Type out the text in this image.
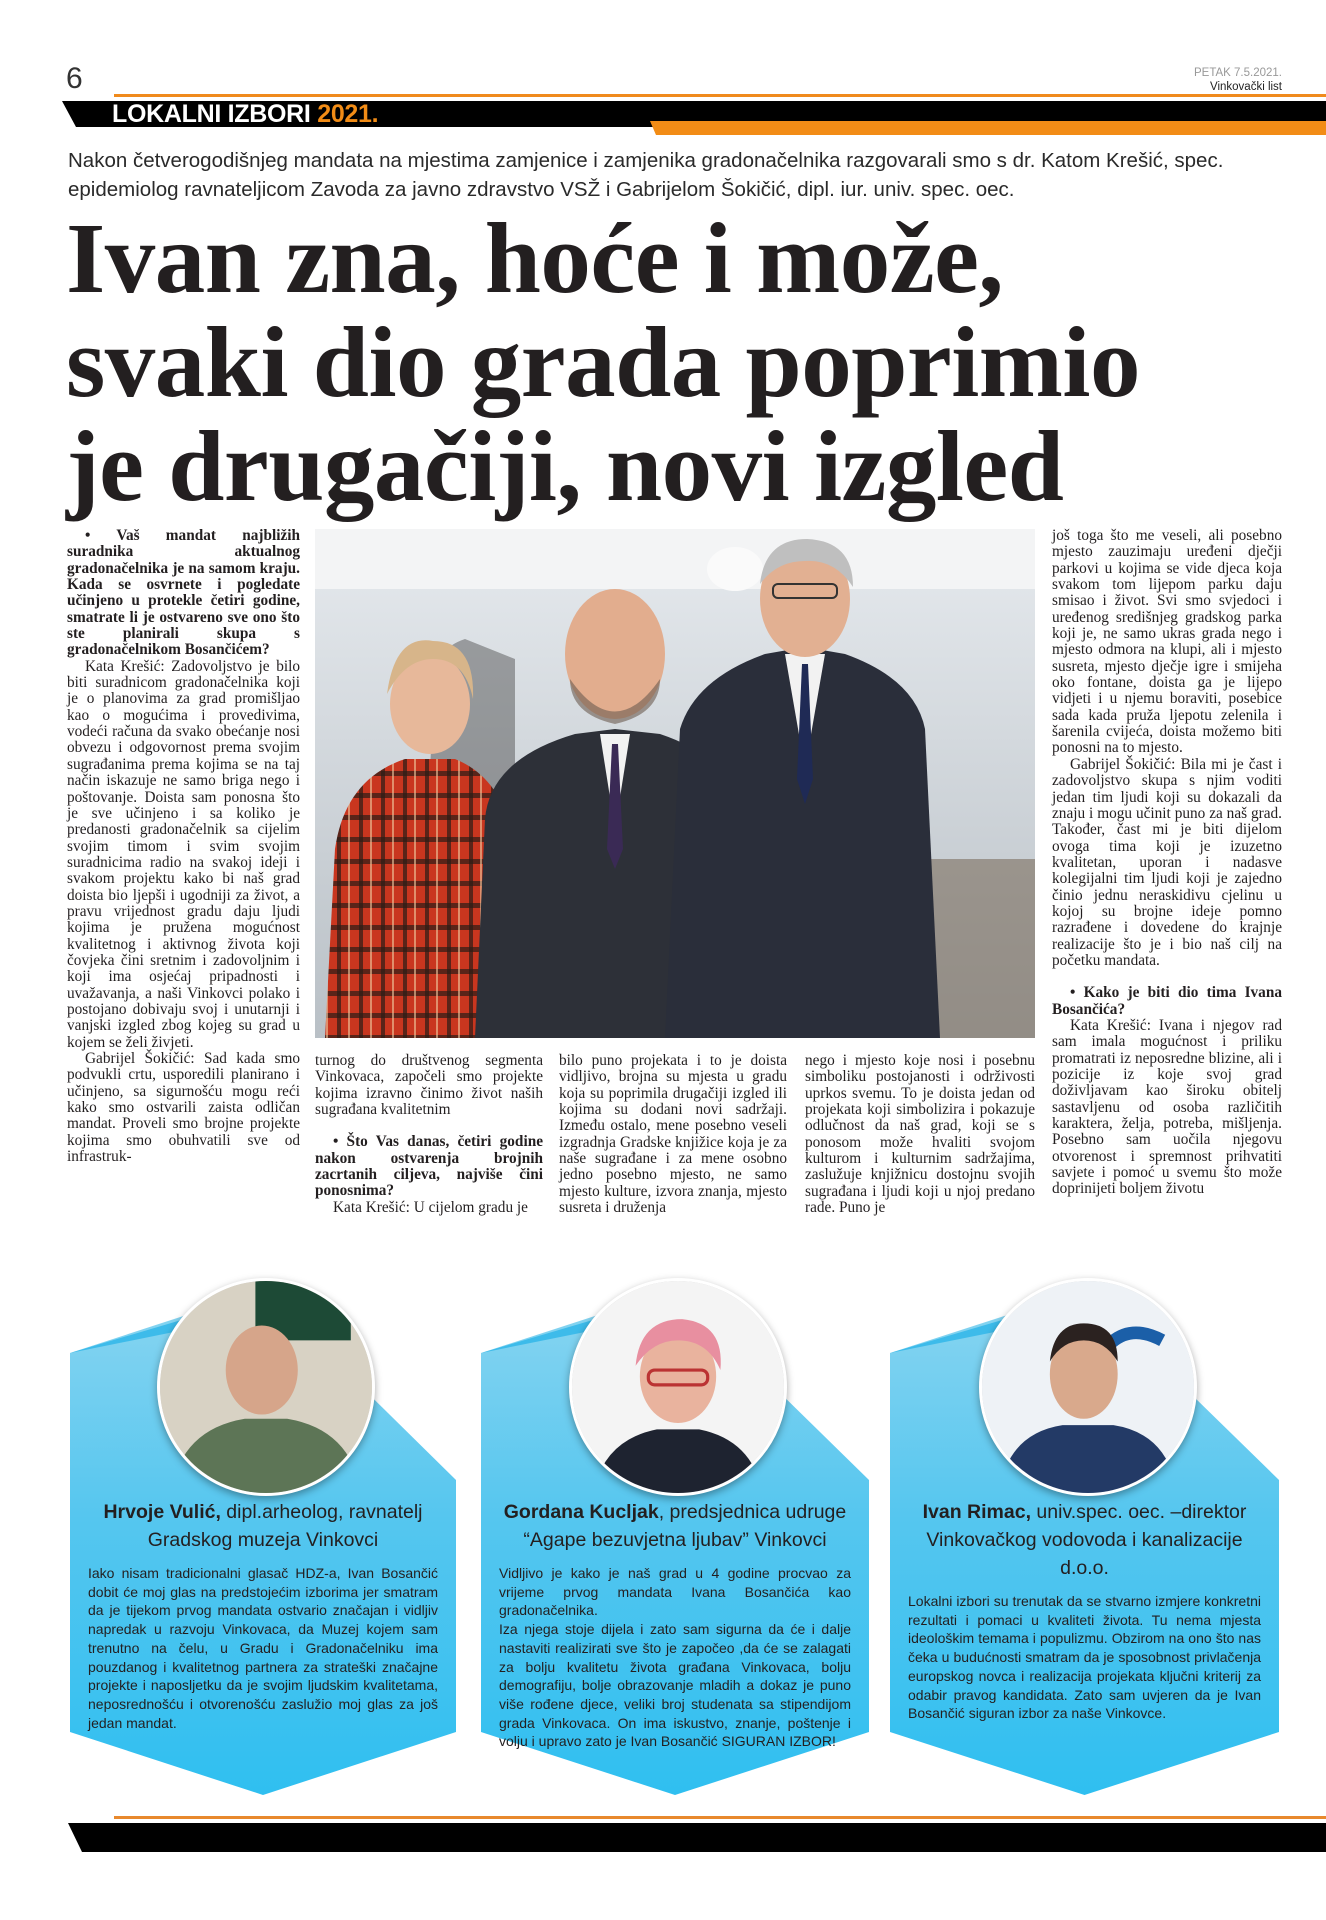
6	PETAK 7.5.2021.
Vinkovački list
LOKALNI IZBORI 2021.
Nakon četverogodišnjeg mandata na mjestima zamjenice i zamjenika gradonačelnika razgovarali smo s dr. Katom Krešić, spec. epidemiolog ravnateljicom Zavoda za javno zdravstvo VSŽ i Gabrijelom Šokičić, dipl. iur. univ. spec. oec.
Ivan zna, hoće i može,
svaki dio grada poprimio
je drugačiji, novi izgled

• Vaš mandat najbližih suradnika aktualnog gradonačelnika je na samom kraju. Kada se osvrnete i pogledate učinjeno u protekle četiri godine, smatrate li je ostvareno sve ono što ste planirali skupa s gradonačelnikom Bosančićem?

Kata Krešić: Zadovoljstvo je bilo biti suradnicom gradonačelnika koji je o planovima za grad promišljao kao o mogućima i provedivima, vodeći računa da svako obećanje nosi obvezu i odgovornost prema svojim sugrađanima prema kojima se na taj način iskazuje ne samo briga nego i poštovanje. Doista sam ponosna što je sve učinjeno i sa koliko je predanosti gradonačelnik sa cijelim svojim timom i svim svojim suradnicima radio na svakoj ideji i svakom projektu kako bi naš grad doista bio ljepši i ugodniji za život, a pravu vrijednost gradu daju ljudi kojima je pružena mogućnost kvalitetnog i aktivnog života koji čovjeka čini sretnim i zadovoljnim i koji ima osjećaj pripadnosti i uvažavanja, a naši Vinkovci polako i postojano dobivaju svoj i unutarnji i vanjski izgled zbog kojeg su grad u kojem se želi živjeti.

Gabrijel Šokičić: Sad kada smo podvukli crtu, usporedili planirano i učinjeno, sa sigurnošću mogu reći kako smo ostvarili zaista odličan mandat. Proveli smo brojne projekte kojima smo obuhvatili sve od infrastruk-

turnog do društvenog segmenta Vinkovaca, započeli smo projekte kojima izravno činimo život naših sugrađana kvalitetnim

• Što Vas danas, četiri godine nakon ostvarenja brojnih zacrtanih ciljeva, najviše čini ponosnima?

Kata Krešić: U cijelom gradu je

bilo puno projekata i to je doista vidljivo, brojna su mjesta u gradu koja su poprimila drugačiji izgled ili kojima su dodani novi sadržaji. Između ostalo, mene posebno veseli izgradnja Gradske knjižice koja je za naše sugrađane i za mene osobno jedno posebno mjesto, ne samo mjesto kulture, izvora znanja, mjesto susreta i druženja

nego i mjesto koje nosi i posebnu simboliku postojanosti i održivosti uprkos svemu. To je doista jedan od projekata koji simbolizira i pokazuje odlučnost da naš grad, koji se s ponosom može hvaliti svojom kulturom i kulturnim sadržajima, zaslužuje knjižnicu dostojnu svojih sugrađana i ljudi koji u njoj predano rade. Puno je

još toga što me veseli, ali posebno mjesto zauzimaju uređeni dječji parkovi u kojima se vide djeca koja svakom tom lijepom parku daju smisao i život. Svi smo svjedoci i uređenog središnjeg gradskog parka koji je, ne samo ukras grada nego i mjesto odmora na klupi, ali i mjesto susreta, mjesto dječje igre i smijeha oko fontane, doista ga je lijepo vidjeti i u njemu boraviti, posebice sada kada pruža ljepotu zelenila i šarenila cvijeća, doista možemo biti ponosni na to mjesto.

Gabrijel Šokičić: Bila mi je čast i zadovoljstvo skupa s njim voditi jedan tim ljudi koji su dokazali da znaju i mogu učinit puno za naš grad. Također, čast mi je biti dijelom ovoga tima koji je izuzetno kvalitetan, uporan i nadasve kolegijalni tim ljudi koji je zajedno činio jednu neraskidivu cjelinu u kojoj su brojne ideje pomno razrađene i dovedene do krajnje realizacije što je i bio naš cilj na početku mandata.

• Kako je biti dio tima Ivana Bosančića?

Kata Krešić: Ivana i njegov rad sam imala mogućnost i priliku promatrati iz neposredne blizine, ali i pozicije iz koje svoj grad doživljavam kao široku obitelj sastavljenu od osoba različitih karaktera, želja, potreba, mišljenja. Posebno sam uočila njegovu otvorenost i spremnost prihvatiti savjete i pomoć u svemu što može doprinijeti boljem životu

Hrvoje Vulić, dipl.arheolog, ravnatelj Gradskog muzeja Vinkovci
Iako nisam tradicionalni glasač HDZ-a, Ivan Bosančić dobit će moj glas na predstojećim izborima jer smatram da je tijekom prvog mandata ostvario značajan i vidljiv napredak u razvoju Vinkovaca, da Muzej kojem sam trenutno na čelu, u Gradu i Gradonačelniku ima pouzdanog i kvalitetnog partnera za strateški značajne projekte i naposljetku da je svojim ljudskim kvalitetama, neposrednošću i otvorenošću zaslužio moj glas za još jedan mandat.
Gordana Kucljak, predsjednica udruge “Agape bezuvjetna ljubav” Vinkovci
Vidljivo je kako je naš grad u 4 godine procvao za vrijeme prvog mandata Ivana Bosančića kao gradonačelnika.
Iza njega stoje dijela i zato sam sigurna da će i dalje nastaviti realizirati sve što je započeo ,da će se zalagati za bolju kvalitetu života građana Vinkovaca, bolju demografiju, bolje obrazovanje mladih a dokaz je puno više rođene djece, veliki broj studenata sa stipendijom grada Vinkovaca. On ima iskustvo, znanje, poštenje i volju i upravo zato je Ivan Bosančić SIGURAN IZBOR!
Ivan Rimac, univ.spec. oec. –direktor Vinkovačkog vodovoda i kanalizacije d.o.o.
Lokalni izbori su trenutak da se stvarno izmjere konkretni rezultati i pomaci u kvaliteti života. Tu nema mjesta ideološkim temama i populizmu. Obzirom na ono što nas čeka u budućnosti smatram da je sposobnost privlačenja europskog novca i realizacija projekata ključni kriterij za odabir pravog kandidata. Zato sam uvjeren da je Ivan Bosančić siguran izbor za naše Vinkovce.
